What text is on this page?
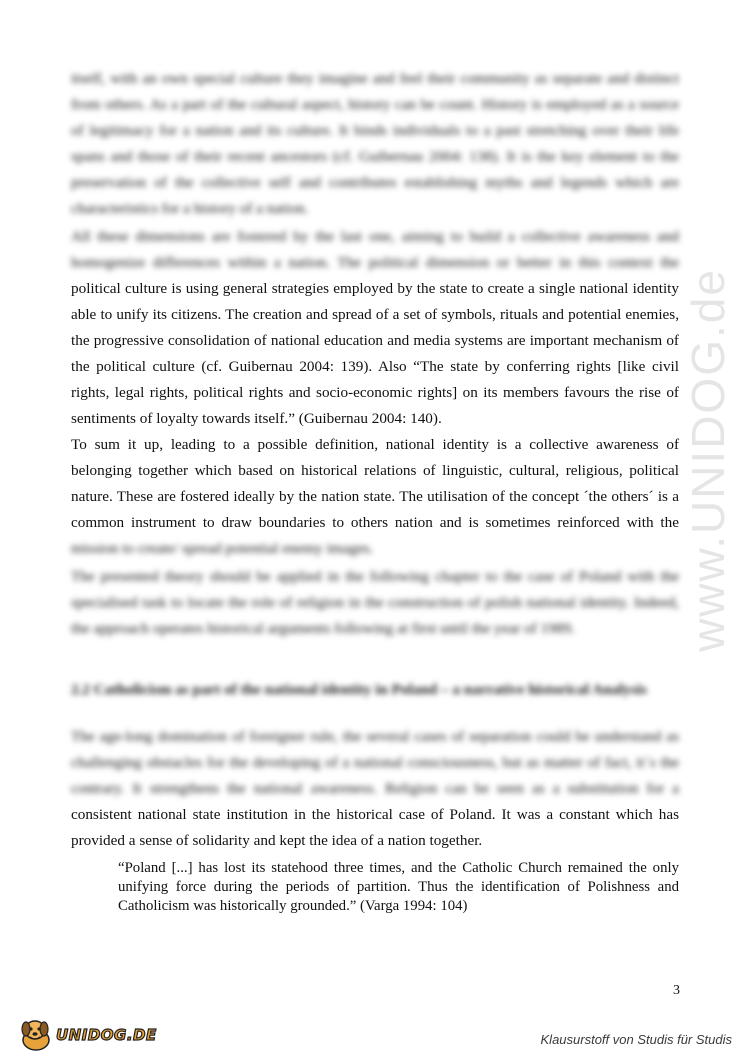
itself, with an own special culture they imagine and feel their community as separate and distinct from others. As a part of the cultural aspect, history can be count. History is employed as a source of legitimacy for a nation and its culture. It binds individuals to a past stretching over their life spans and those of their recent ancestors (cf. Guibernau 2004: 138). It is the key element to the preservation of the collective self and contributes establishing myths and legends which are characteristics for a history of a nation.
All these dimensions are fostered by the last one, aiming to build a collective awareness and homogenize differences within a nation. The political dimension or better in this context the political culture is using general strategies employed by the state to create a single national identity able to unify its citizens. The creation and spread of a set of symbols, rituals and potential enemies, the progressive consolidation of national education and media systems are important mechanism of the political culture (cf. Guibernau 2004: 139). Also “The state by conferring rights [like civil rights, legal rights, political rights and socio-economic rights] on its members favours the rise of sentiments of loyalty towards itself.” (Guibernau 2004: 140).
To sum it up, leading to a possible definition, national identity is a collective awareness of belonging together which based on historical relations of linguistic, cultural, religious, political nature. These are fostered ideally by the nation state. The utilisation of the concept ´the others´ is a common instrument to draw boundaries to others nation and is sometimes reinforced with the mission to create/ spread potential enemy images.
The presented theory should be applied in the following chapter to the case of Poland with the specialised task to locate the role of religion in the construction of polish national identity. Indeed, the approach operates historical arguments following at first until the year of 1989.
2.2 Catholicism as part of the national identity in Poland – a narrative historical Analysis
The age-long domination of foreigner rule, the several cases of separation could be understand as challenging obstacles for the developing of a national consciousness, but as matter of fact, it´s the contrary. It strengthens the national awareness. Religion can be seen as a substitution for a consistent national state institution in the historical case of Poland. It was a constant which has provided a sense of solidarity and kept the idea of a nation together.
“Poland [...] has lost its statehood three times, and the Catholic Church remained the only unifying force during the periods of partition. Thus the identification of Polishness and Catholicism was historically grounded.” (Varga 1994: 104)
3
www.UNIDOG.de
UNIDOG.DE	Klausurstoff von Studis für Studis
